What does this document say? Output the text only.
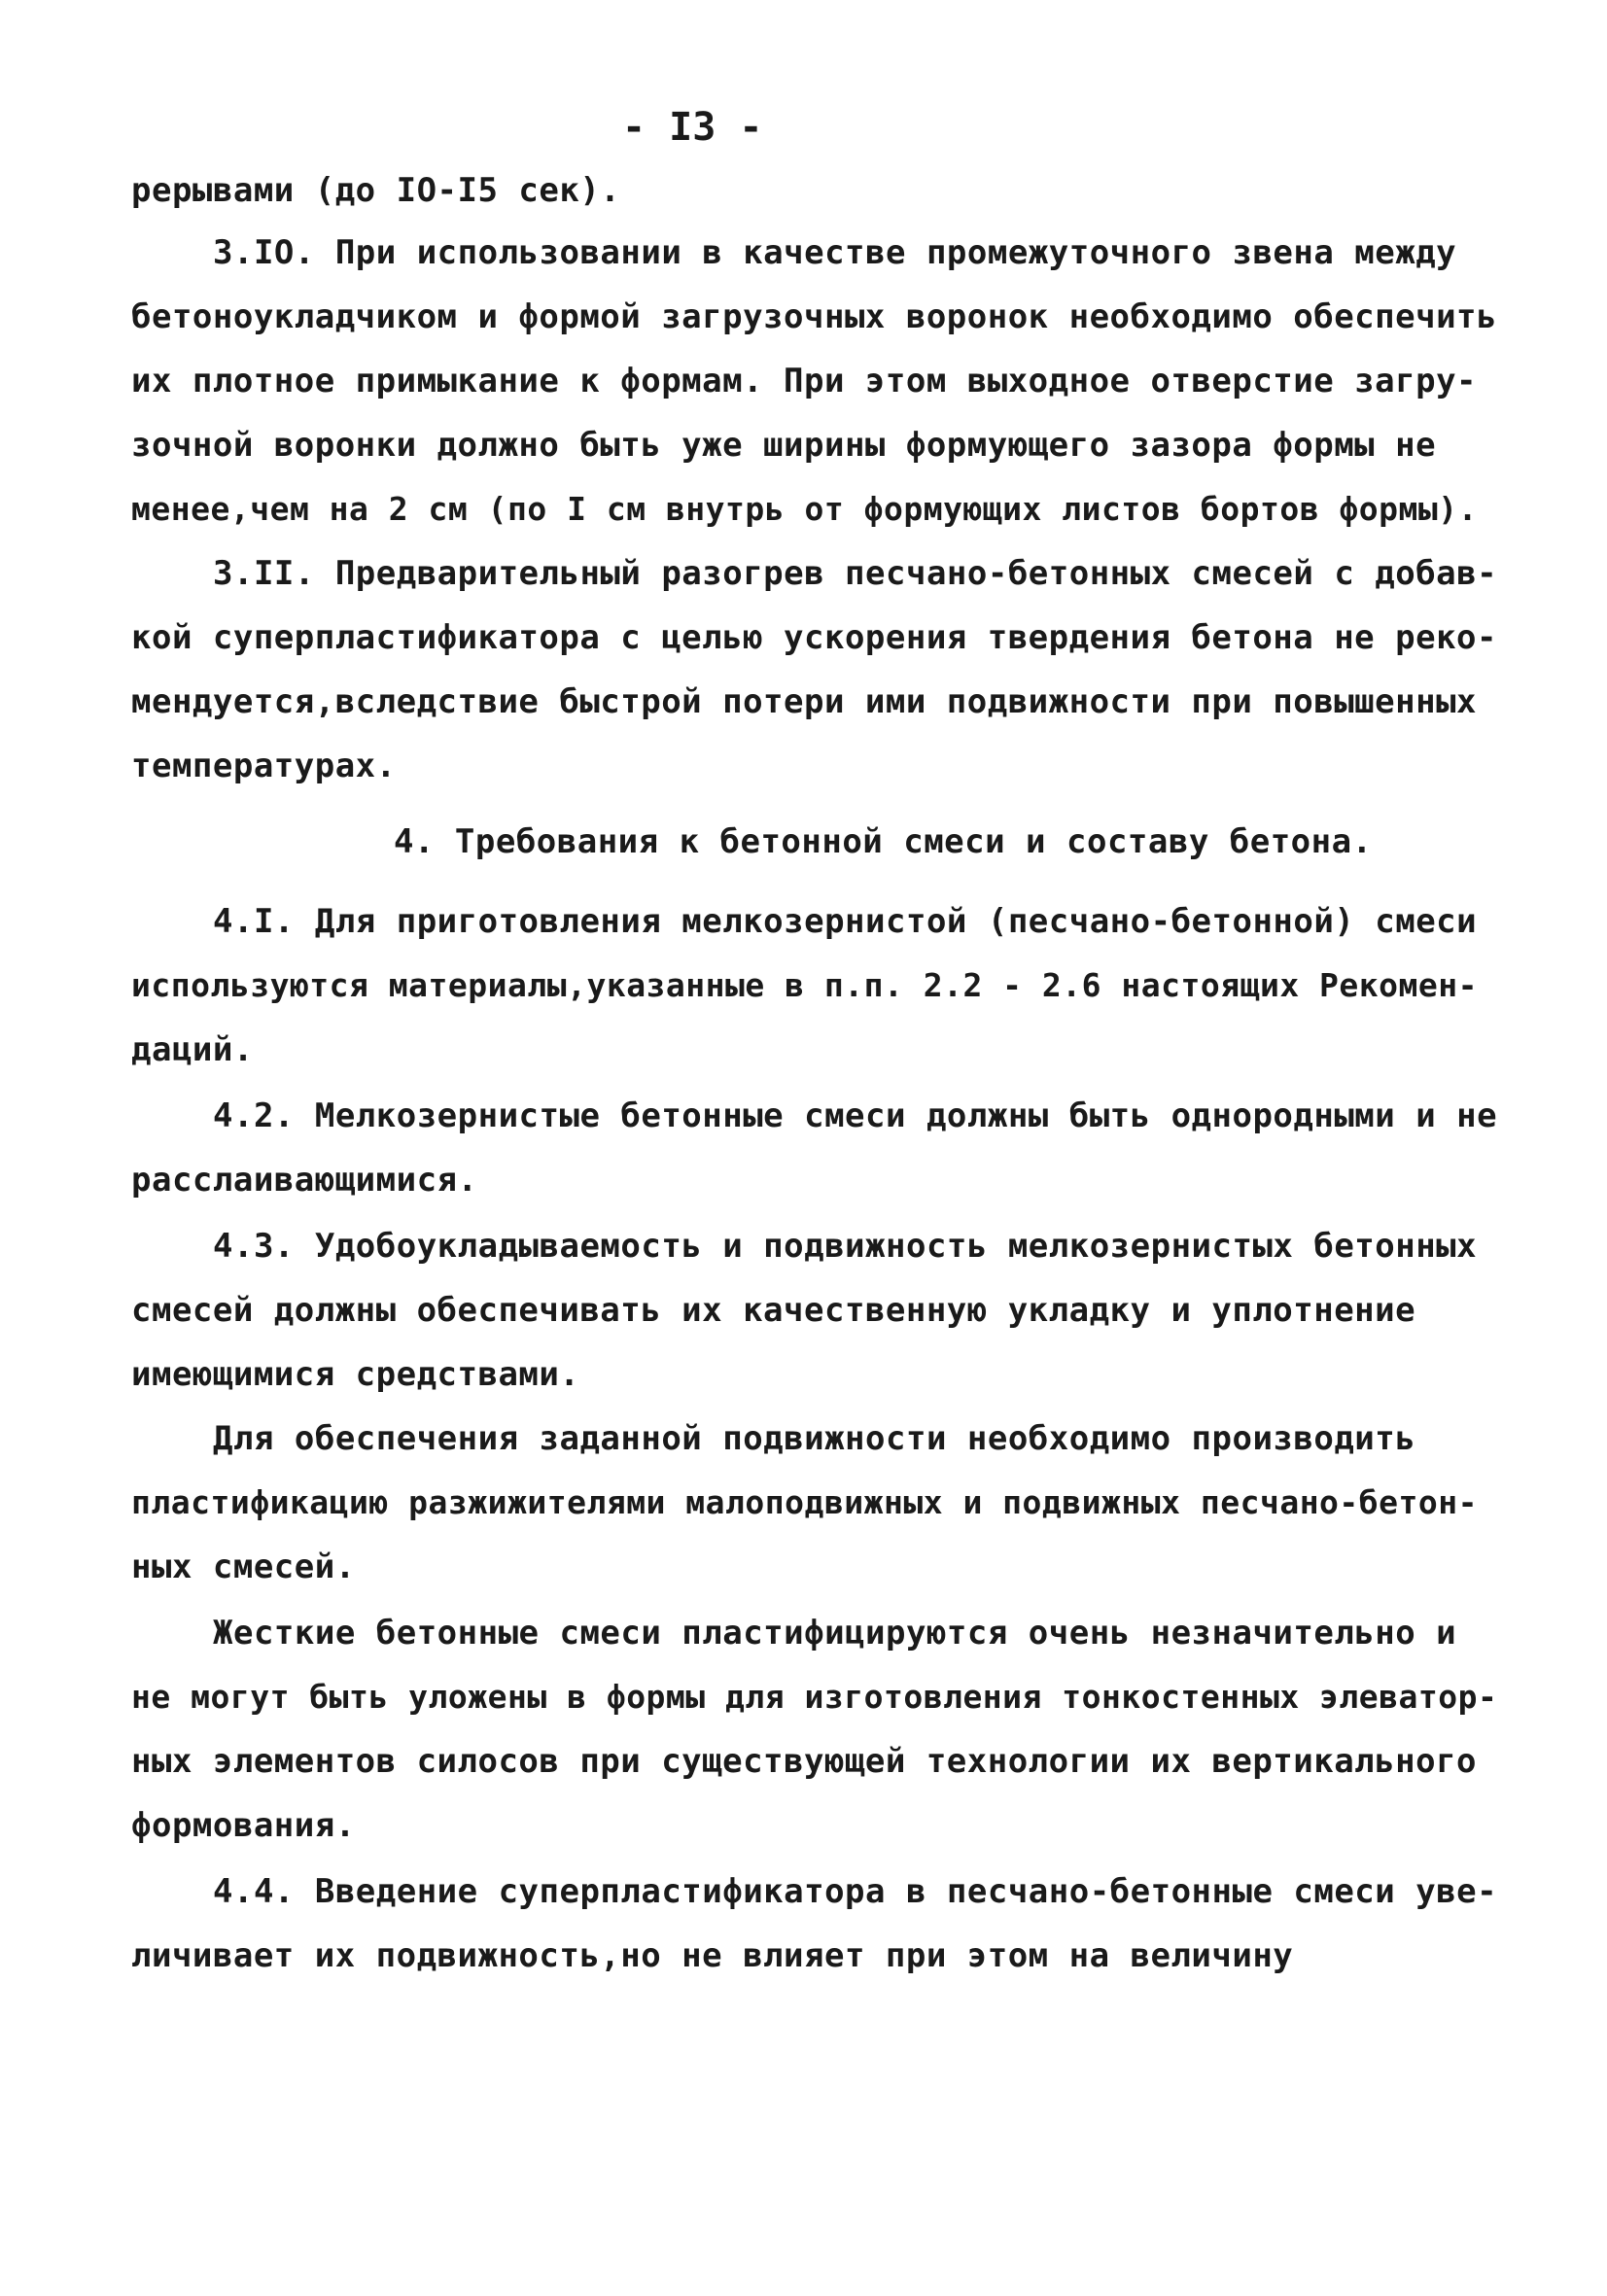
- I3 -
рерывами (до IO-I5 сек).
3.IO. При использовании в качестве промежуточного звена между
бетоноукладчиком и формой загрузочных воронок необходимо обеспечить
их плотное примыкание к формам. При этом выходное отверстие загру-
зочной воронки должно быть уже ширины формующего зазора формы не
менее,чем на 2 см (по I см внутрь от формующих листов бортов формы).
3.II. Предварительный разогрев песчано-бетонных смесей с добав-
кой суперпластификатора с целью ускорения твердения бетона не реко-
мендуется,вследствие быстрой потери ими подвижности при повышенных
температурах.
4. Требования к бетонной смеси и составу бетона.
4.I. Для приготовления мелкозернистой (песчано-бетонной) смеси
используются материалы,указанные в п.п. 2.2 - 2.6 настоящих Рекомен-
даций.
4.2. Мелкозернистые бетонные смеси должны быть однородными и не
расслаивающимися.
4.3. Удобоукладываемость и подвижность мелкозернистых бетонных
смесей должны обеспечивать их качественную укладку и уплотнение
имеющимися средствами.
Для обеспечения заданной подвижности необходимо производить
пластификацию разжижителями малоподвижных и подвижных песчано-бетон-
ных смесей.
Жесткие бетонные смеси пластифицируются очень незначительно и
не могут быть уложены в формы для изготовления тонкостенных элеватор-
ных элементов силосов при существующей технологии их вертикального
формования.
4.4. Введение суперпластификатора в песчано-бетонные смеси уве-
личивает их подвижность,но не влияет при этом на величину
